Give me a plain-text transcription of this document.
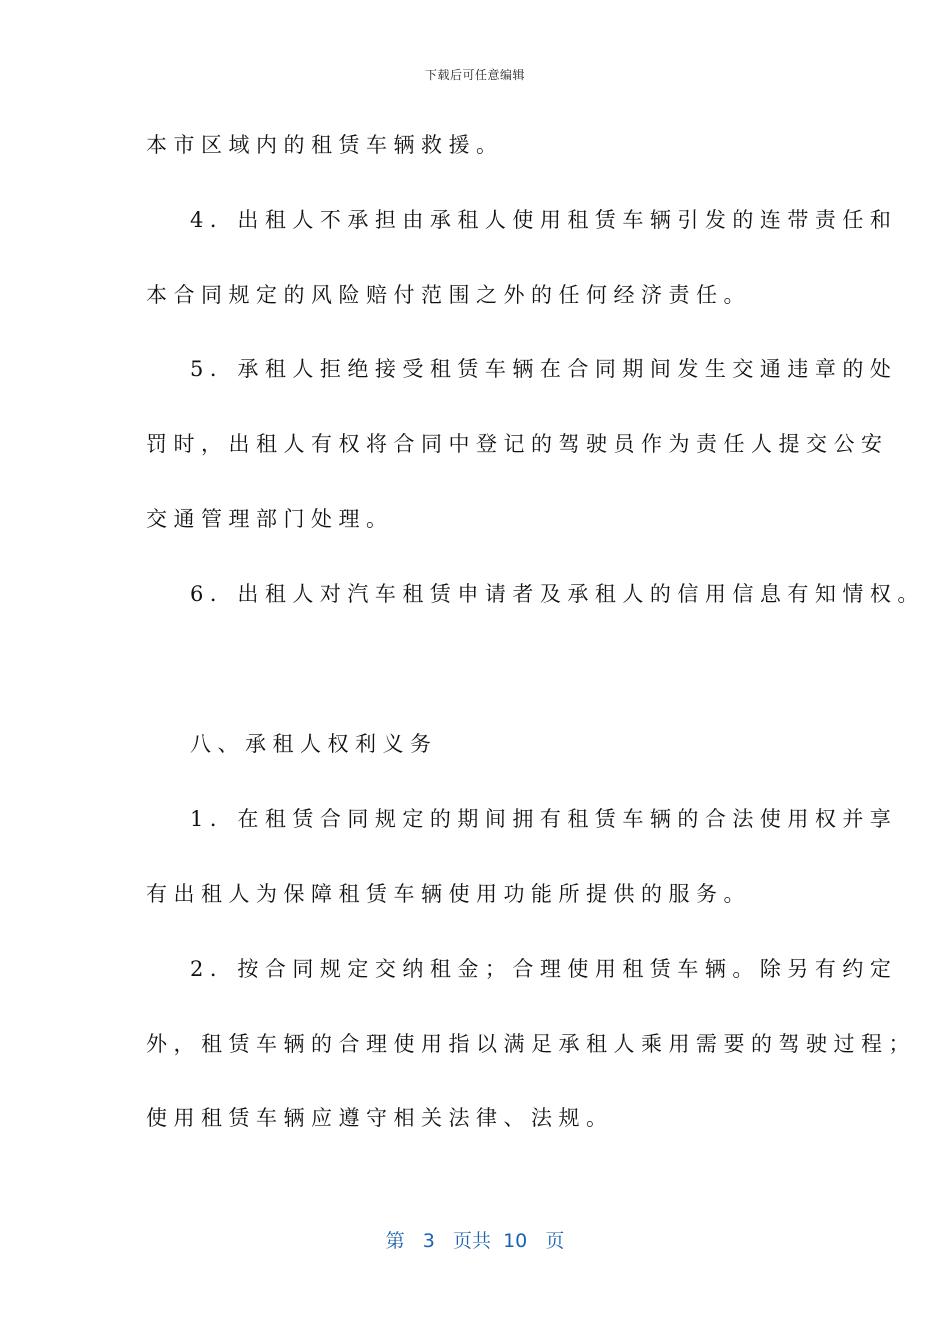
下载后可任意编辑
本市区域内的租赁车辆救援。
4．出租人不承担由承租人使用租赁车辆引发的连带责任和
本合同规定的风险赔付范围之外的任何经济责任。
5．承租人拒绝接受租赁车辆在合同期间发生交通违章的处
罚时，出租人有权将合同中登记的驾驶员作为责任人提交公安
交通管理部门处理。
6．出租人对汽车租赁申请者及承租人的信用信息有知情权。
八、承租人权利义务
1．在租赁合同规定的期间拥有租赁车辆的合法使用权并享
有出租人为保障租赁车辆使用功能所提供的服务。
2．按合同规定交纳租金；合理使用租赁车辆。除另有约定
外，租赁车辆的合理使用指以满足承租人乘用需要的驾驶过程；
使用租赁车辆应遵守相关法律、法规。
第 3 页共 10 页
